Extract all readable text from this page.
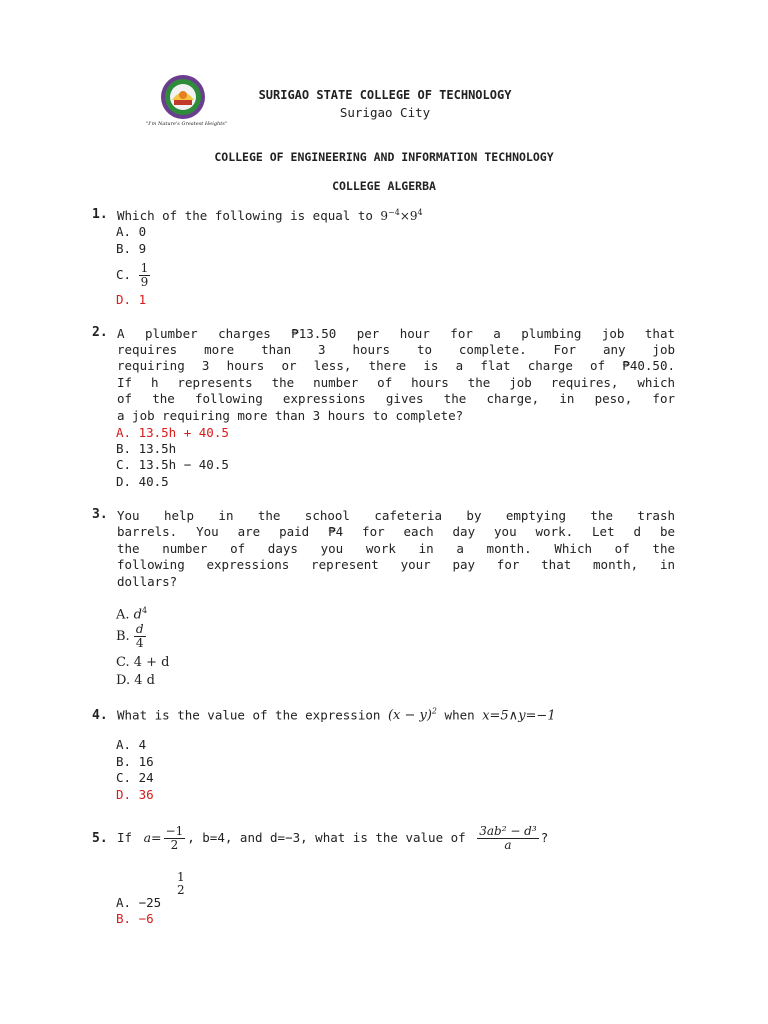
"I'm Nature's Greatest Heights"
SURIGAO STATE COLLEGE OF TECHNOLOGY
Surigao City
COLLEGE OF ENGINEERING AND INFORMATION TECHNOLOGY
COLLEGE ALGERBA
1. Which of the following is equal to $9^{-4}\times 9^4$
A. 0
B. 9
C. $\frac{1}{9}$
D. 1
2. A plumber charges ₱13.50 per hour for a plumbing job that
requires more than 3 hours to complete. For any job
requiring 3 hours or less, there is a flat charge of ₱40.50.
If h represents the number of hours the job requires, which
of the following expressions gives the charge, in peso, for
a job requiring more than 3 hours to complete?
A. 13.5h + 40.5
B. 13.5h
C. 13.5h − 40.5
D. 40.5
3. You help in the school cafeteria by emptying the trash
barrels. You are paid ₱4 for each day you work. Let d be
the number of days you work in a month. Which of the
following expressions represent your pay for that month, in
dollars?
A. $d^4$
B. $\frac{d}{4}$
C. 4 + d
D. 4 d
4. What is the value of the expression $(x - y)^2$ when x=5∧y=−1
A. 4
B. 16
C. 24
D. 36
5. If
$a= \frac{-1}{2}$ , b=4, and d=−3, what is the value of
$\frac{\text{3ab² − d³}}{a}$ ?
1
2
A. −25
B. −6
